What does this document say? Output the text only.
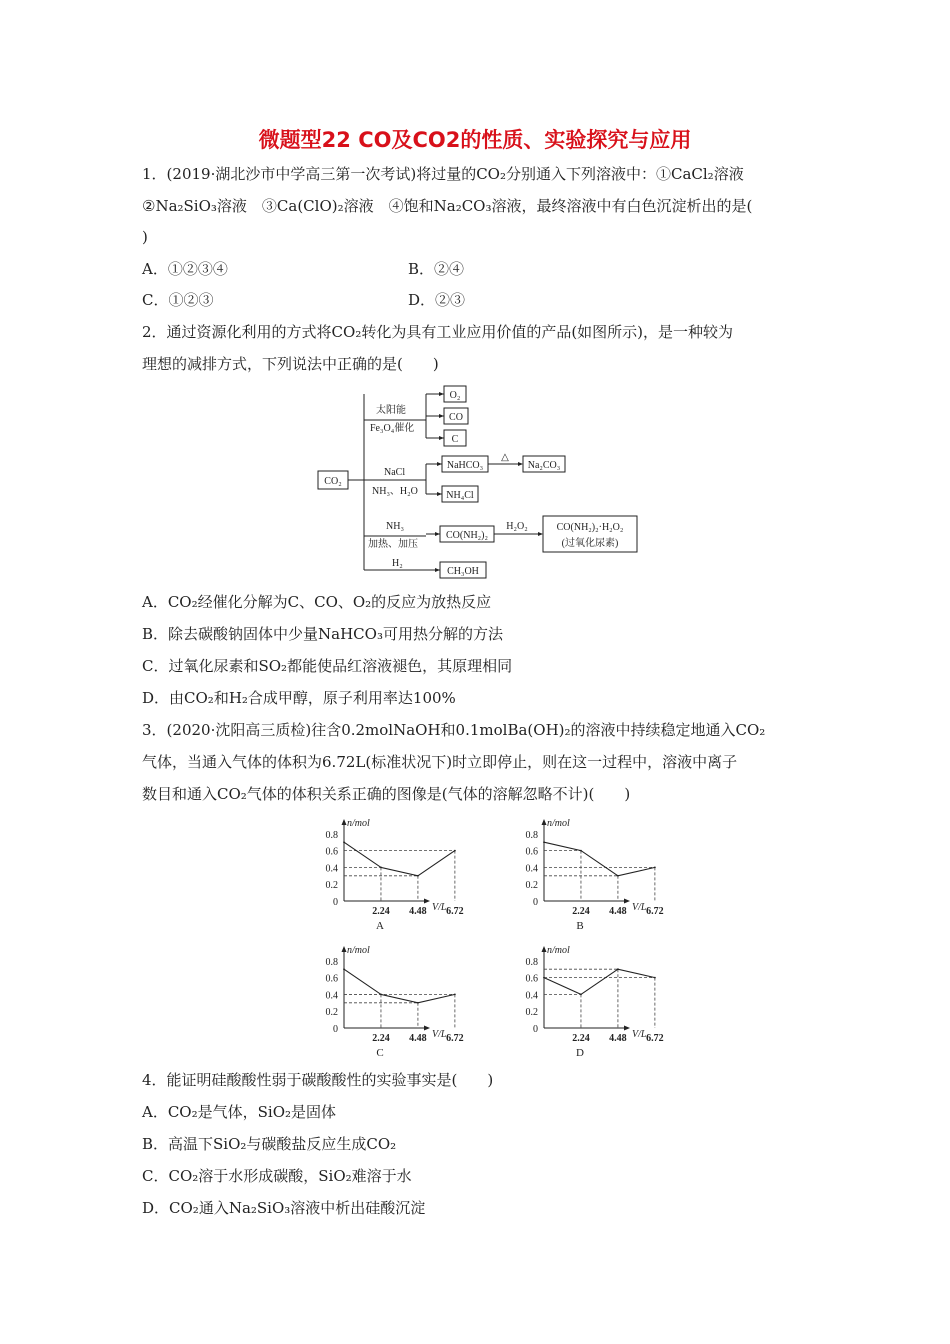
微题型22 CO及CO2的性质、实验探究与应用
1．(2019·湖北沙市中学高三第一次考试)将过量的CO₂分别通入下列溶液中：①CaCl₂溶液
②Na₂SiO₃溶液　③Ca(ClO)₂溶液　④饱和Na₂CO₃溶液，最终溶液中有白色沉淀析出的是(
)
A．①②③④	B．②④
C．①②③	D．②③
2．通过资源化利用的方式将CO₂转化为具有工业应用价值的产品(如图所示)，是一种较为
理想的减排方式，下列说法中正确的是(　　)
CO₂
太阳能
Fe₃O₄催化
O₂
CO
C
NaCl
NH₃、H₂O
NaHCO₃
△
Na₂CO₃
NH₄Cl
NH₃
加热、加压
CO(NH₂)₂
H₂O₂	CO(NH₂)₂·H₂O₂
(过氧化尿素)
H₂
CH₃OH
A．CO₂经催化分解为C、CO、O₂的反应为放热反应
B．除去碳酸钠固体中少量NaHCO₃可用热分解的方法
C．过氧化尿素和SO₂都能使品红溶液褪色，其原理相同
D．由CO₂和H₂合成甲醇，原子利用率达100%
3．(2020·沈阳高三质检)往含0.2molNaOH和0.1molBa(OH)₂的溶液中持续稳定地通入CO₂
气体，当通入气体的体积为6.72L(标准状况下)时立即停止，则在这一过程中，溶液中离子
数目和通入CO₂气体的体积关系正确的图像是(气体的溶解忽略不计)(　　)
n/mol
V/L
0
0.2
0.4
0.6
0.8
2.24 4.48 6.72
A
n/mol
V/L
0
0.2
0.4
0.6
0.8
2.24 4.48 6.72
B
n/mol
V/L
0
0.2
0.4
0.6
0.8
2.24 4.48 6.72
C
n/mol
V/L
0
0.2
0.4
0.6
0.8
2.24 4.48 6.72
D
4．能证明硅酸酸性弱于碳酸酸性的实验事实是(　　)
A．CO₂是气体，SiO₂是固体
B．高温下SiO₂与碳酸盐反应生成CO₂
C．CO₂溶于水形成碳酸，SiO₂难溶于水
D．CO₂通入Na₂SiO₃溶液中析出硅酸沉淀
